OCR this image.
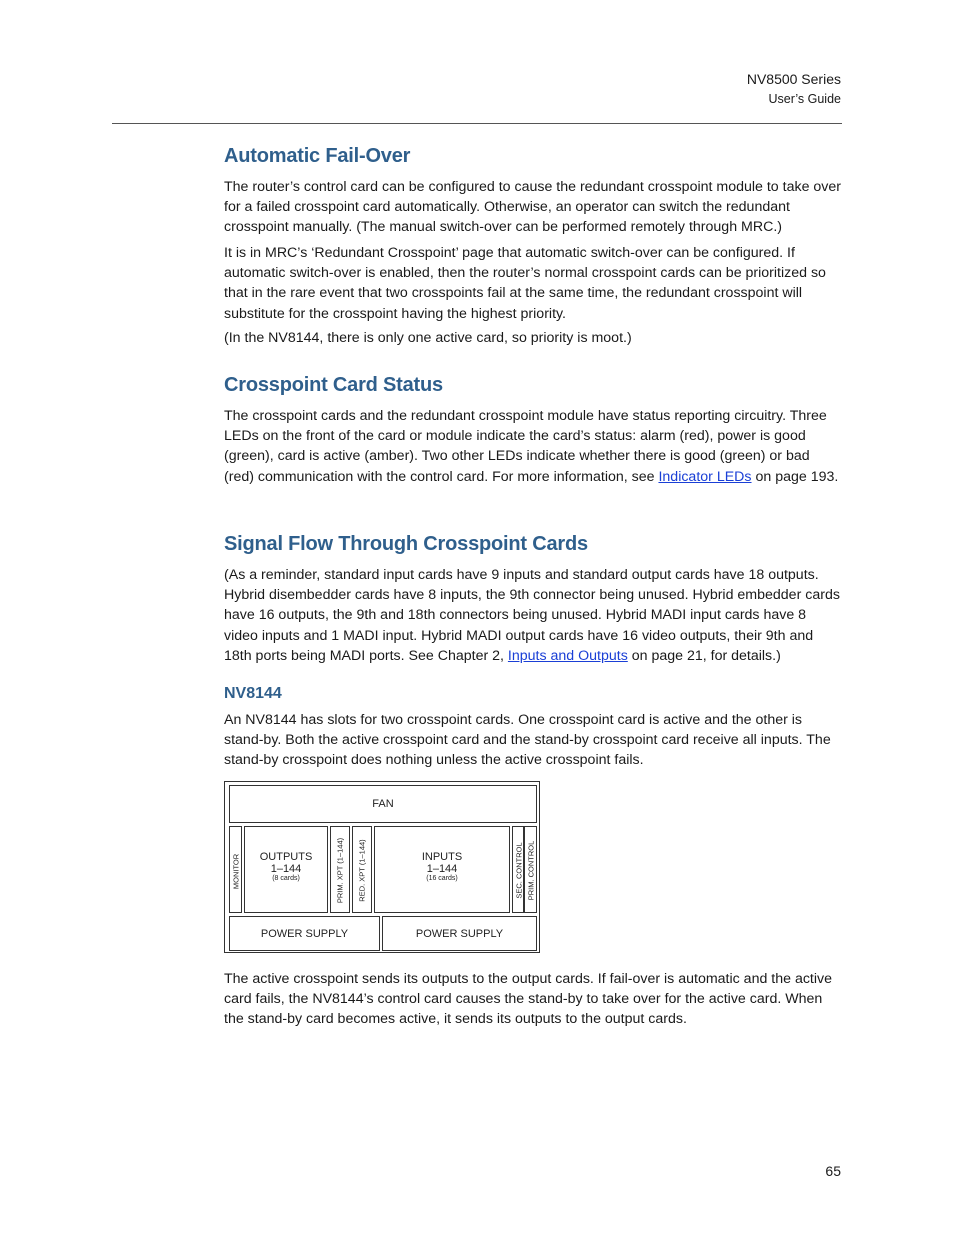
NV8500 Series
User’s Guide
Automatic Fail-Over

The router’s control card can be configured to cause the redundant crosspoint module to take over for a failed crosspoint card automatically. Otherwise, an operator can switch the redundant crosspoint manually. (The manual switch-over can be performed remotely through MRC.)

It is in MRC’s ‘Redundant Crosspoint’ page that automatic switch-over can be configured. If automatic switch-over is enabled, then the router’s normal crosspoint cards can be prioritized so that in the rare event that two crosspoints fail at the same time, the redundant crosspoint will substitute for the crosspoint having the highest priority.

(In the NV8144, there is only one active card, so priority is moot.)

Crosspoint Card Status

The crosspoint cards and the redundant crosspoint module have status reporting circuitry. Three LEDs on the front of the card or module indicate the card’s status: alarm (red), power is good (green), card is active (amber). Two other LEDs indicate whether there is good (green) or bad (red) communication with the control card. For more information, see Indicator LEDs on page 193.

Signal Flow Through Crosspoint Cards

(As a reminder, standard input cards have 9 inputs and standard output cards have 18 outputs. Hybrid disembedder cards have 8 inputs, the 9th connector being unused. Hybrid embedder cards have 16 outputs, the 9th and 18th connectors being unused. Hybrid MADI input cards have 8 video inputs and 1 MADI input. Hybrid MADI output cards have 16 video outputs, their 9th and 18th ports being MADI ports. See Chapter 2, Inputs and Outputs on page 21, for details.)

NV8144

An NV8144 has slots for two crosspoint cards. One crosspoint card is active and the other is stand-by. Both the active crosspoint card and the stand-by crosspoint card receive all inputs. The stand-by crosspoint does nothing unless the active crosspoint fails.

FAN
MONITOR	OUTPUTS
1–144
(8 cards)	PRIM. XPT (1–144) RED. XPT (1–144)	INPUTS
1–144
(16 cards)	SEC. CONTROL PRIM. CONTROL
POWER SUPPLY	POWER SUPPLY

The active crosspoint sends its outputs to the output cards. If fail-over is automatic and the active card fails, the NV8144’s control card causes the stand-by to take over for the active card. When the stand-by card becomes active, it sends its outputs to the output cards.

65
